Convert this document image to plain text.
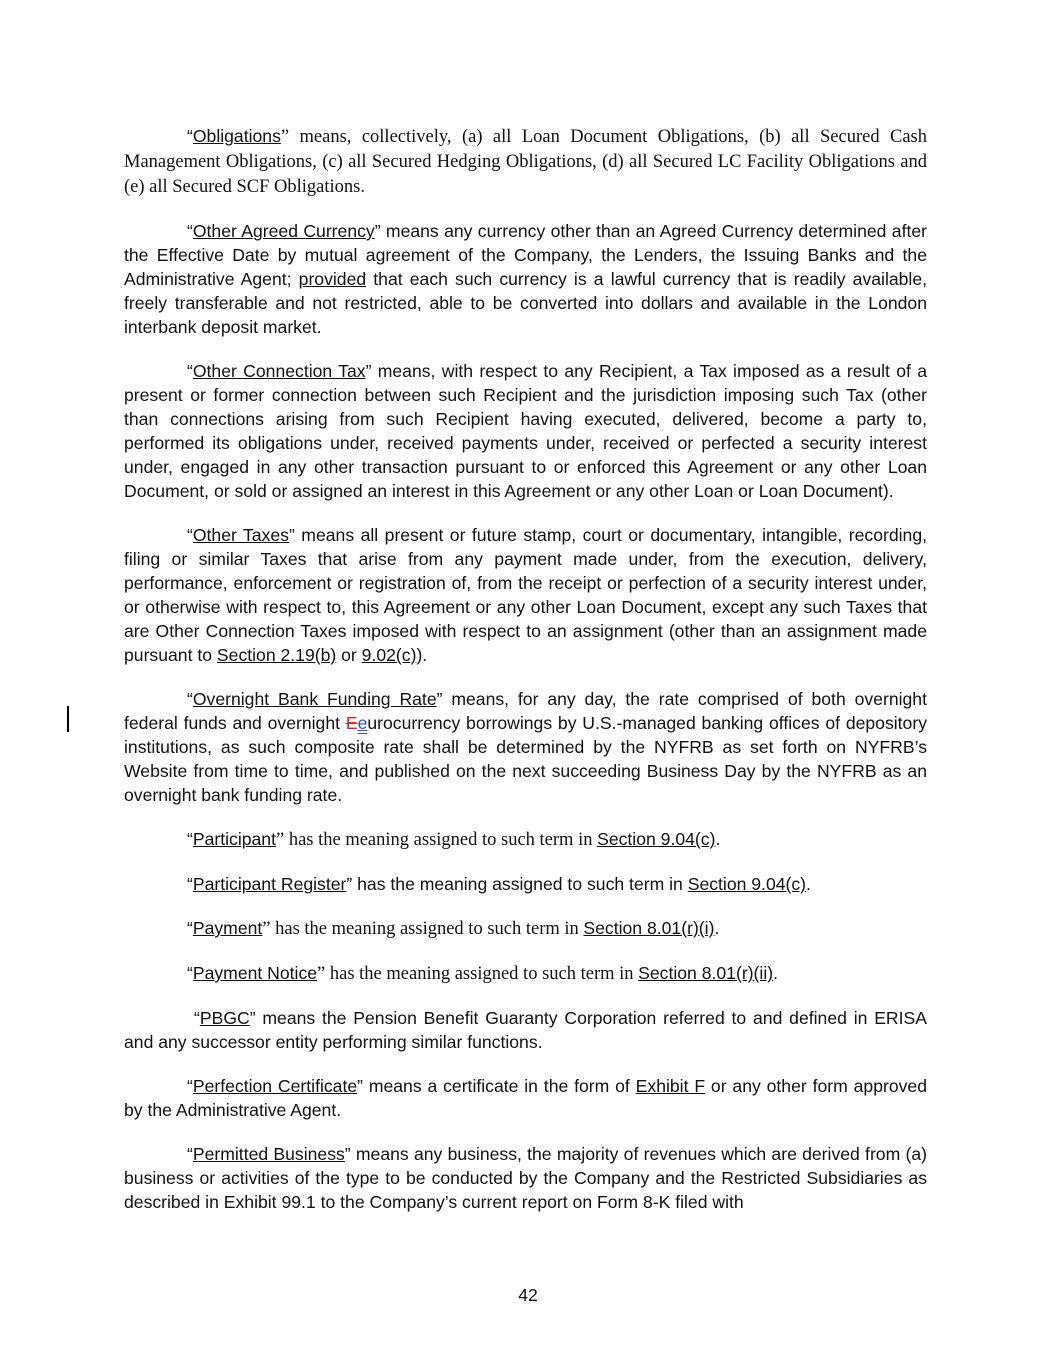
“Obligations” means, collectively, (a) all Loan Document Obligations, (b) all Secured Cash Management Obligations, (c) all Secured Hedging Obligations, (d) all Secured LC Facility Obligations and (e) all Secured SCF Obligations.

“Other Agreed Currency” means any currency other than an Agreed Currency determined after the Effective Date by mutual agreement of the Company, the Lenders, the Issuing Banks and the Administrative Agent; provided that each such currency is a lawful currency that is readily available, freely transferable and not restricted, able to be converted into dollars and available in the London interbank deposit market.

“Other Connection Tax” means, with respect to any Recipient, a Tax imposed as a result of a present or former connection between such Recipient and the jurisdiction imposing such Tax (other than connections arising from such Recipient having executed, delivered, become a party to, performed its obligations under, received payments under, received or perfected a security interest under, engaged in any other transaction pursuant to or enforced this Agreement or any other Loan Document, or sold or assigned an interest in this Agreement or any other Loan or Loan Document).

“Other Taxes” means all present or future stamp, court or documentary, intangible, recording, filing or similar Taxes that arise from any payment made under, from the execution, delivery, performance, enforcement or registration of, from the receipt or perfection of a security interest under, or otherwise with respect to, this Agreement or any other Loan Document, except any such Taxes that are Other Connection Taxes imposed with respect to an assignment (other than an assignment made pursuant to Section 2.19(b) or 9.02(c)).

“Overnight Bank Funding Rate” means, for any day, the rate comprised of both overnight federal funds and overnight Eeurocurrency borrowings by U.S.-managed banking offices of depository institutions, as such composite rate shall be determined by the NYFRB as set forth on NYFRB’s Website from time to time, and published on the next succeeding Business Day by the NYFRB as an overnight bank funding rate.

“Participant” has the meaning assigned to such term in Section 9.04(c).

“Participant Register” has the meaning assigned to such term in Section 9.04(c).

“Payment” has the meaning assigned to such term in Section 8.01(r)(i).

“Payment Notice” has the meaning assigned to such term in Section 8.01(r)(ii).

“PBGC” means the Pension Benefit Guaranty Corporation referred to and defined in ERISA and any successor entity performing similar functions.

“Perfection Certificate” means a certificate in the form of Exhibit F or any other form approved by the Administrative Agent.

“Permitted Business” means any business, the majority of revenues which are derived from (a) business or activities of the type to be conducted by the Company and the Restricted Subsidiaries as described in Exhibit 99.1 to the Company’s current report on Form 8-K filed with

42
